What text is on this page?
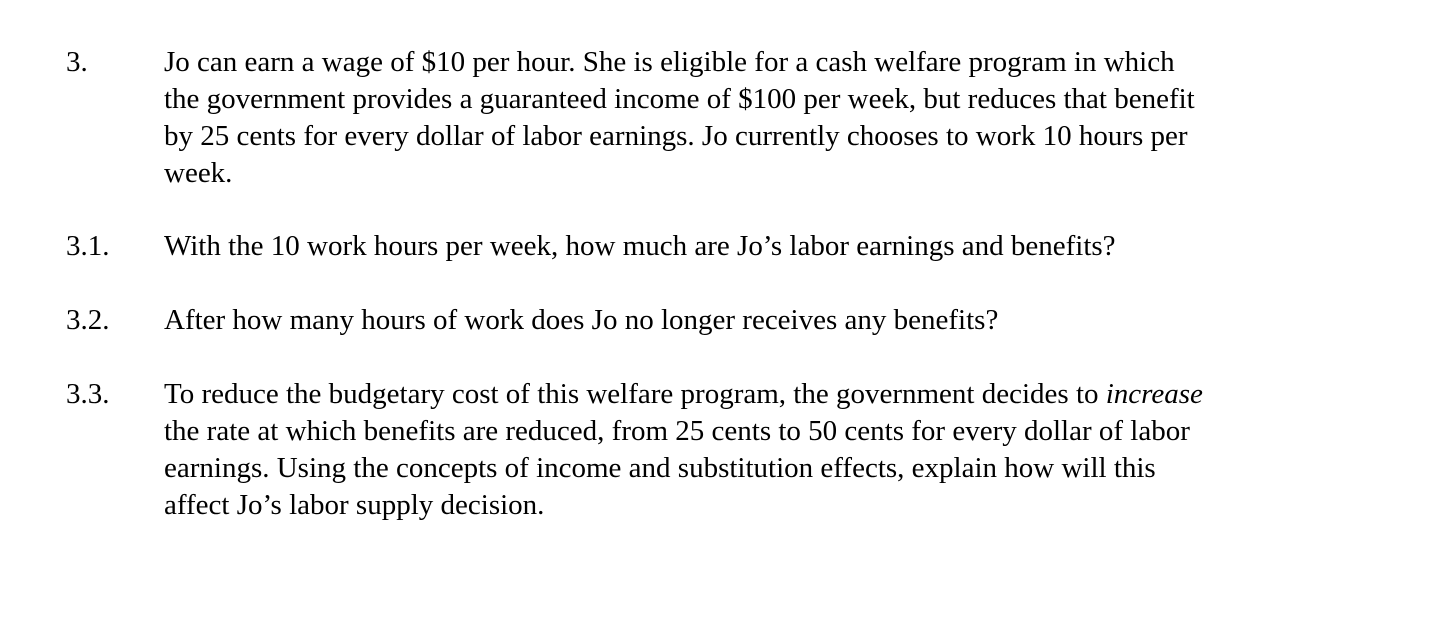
3.	Jo can earn a wage of $10 per hour. She is eligible for a cash welfare program in which
the government provides a guaranteed income of $100 per week, but reduces that benefit
by 25 cents for every dollar of labor earnings. Jo currently chooses to work 10 hours per
week.
3.1. With the 10 work hours per week, how much are Jo’s labor earnings and benefits?
3.2. After how many hours of work does Jo no longer receives any benefits?
3.3. To reduce the budgetary cost of this welfare program, the government decides to increase
the rate at which benefits are reduced, from 25 cents to 50 cents for every dollar of labor
earnings. Using the concepts of income and substitution effects, explain how will this
affect Jo’s labor supply decision.
